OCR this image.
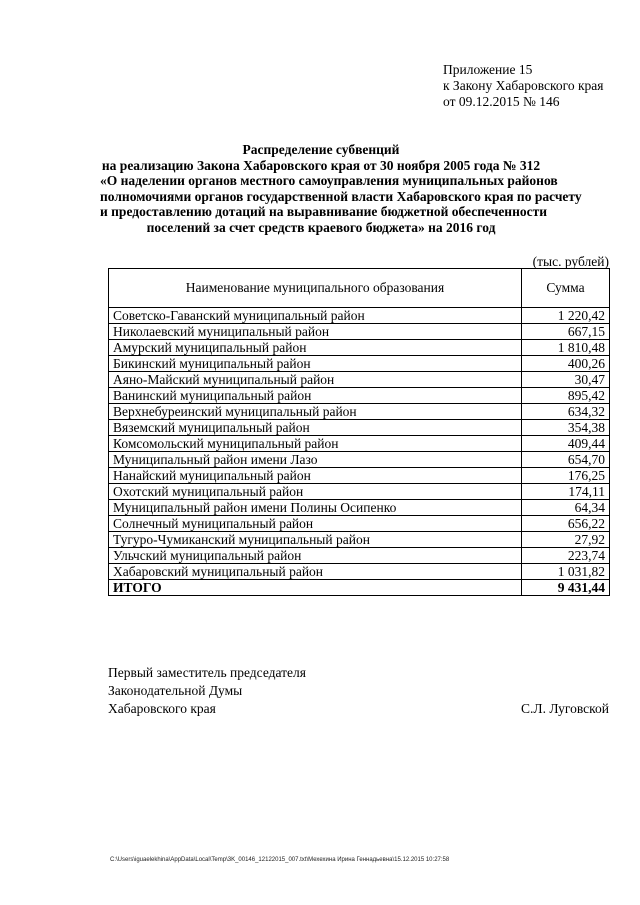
Приложение 15
к Закону Хабаровского края
от 09.12.2015 № 146
Распределение субвенций
на реализацию Закона Хабаровского края от 30 ноября 2005 года № 312
«О наделении органов местного самоуправления муниципальных районов
полномочиями органов государственной власти Хабаровского края по расчету
и предоставлению дотаций на выравнивание бюджетной обеспеченности
поселений за счет средств краевого бюджета» на 2016 год
(тыс. рублей)
Наименование муниципального образования	Сумма
Советско-Гаванский муниципальный район	1 220,42
Николаевский муниципальный район	667,15
Амурский муниципальный район	1 810,48
Бикинский муниципальный район	400,26
Аяно-Майский муниципальный район	30,47
Ванинский муниципальный район	895,42
Верхнебуреинский муниципальный район	634,32
Вяземский муниципальный район	354,38
Комсомольский муниципальный район	409,44
Муниципальный район имени Лазо	654,70
Нанайский муниципальный район	176,25
Охотский муниципальный район	174,11
Муниципальный район имени Полины Осипенко	64,34
Солнечный муниципальный район	656,22
Тугуро-Чумиканский муниципальный район	27,92
Ульчский муниципальный район	223,74
Хабаровский муниципальный район	1 031,82
ИТОГО	9 431,44
Первый заместитель председателя
Законодательной Думы
Хабаровского края	С.Л. Луговской
C:\Users\iguaelekhina\AppData\Local\Temp\3K_00146_12122015_007.txt\Мехехина Ирина Геннадьевна\15.12.2015 10:27:58
